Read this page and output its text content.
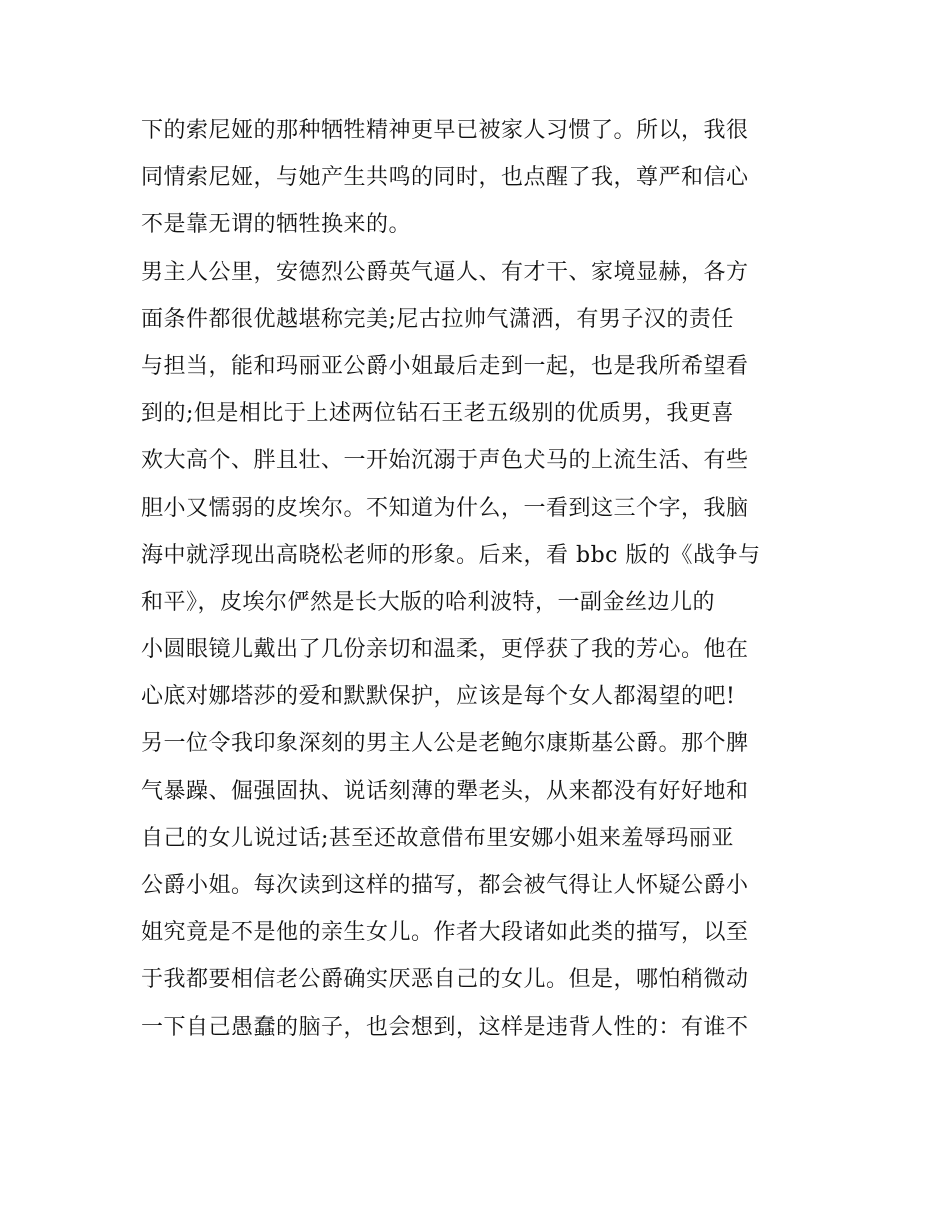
下的索尼娅的那种牺牲精神更早已被家人习惯了。所以，我很
同情索尼娅，与她产生共鸣的同时，也点醒了我，尊严和信心
不是靠无谓的牺牲换来的。
男主人公里，安德烈公爵英气逼人、有才干、家境显赫，各方
面条件都很优越堪称完美;尼古拉帅气潇洒，有男子汉的责任
与担当，能和玛丽亚公爵小姐最后走到一起，也是我所希望看
到的;但是相比于上述两位钻石王老五级别的优质男，我更喜
欢大高个、胖且壮、一开始沉溺于声色犬马的上流生活、有些
胆小又懦弱的皮埃尔。不知道为什么，一看到这三个字，我脑
海中就浮现出高晓松老师的形象。后来，看 bbc 版的《战争与
和平》，皮埃尔俨然是长大版的哈利波特，一副金丝边儿的
小圆眼镜儿戴出了几份亲切和温柔，更俘获了我的芳心。他在
心底对娜塔莎的爱和默默保护，应该是每个女人都渴望的吧!
另一位令我印象深刻的男主人公是老鲍尔康斯基公爵。那个脾
气暴躁、倔强固执、说话刻薄的犟老头，从来都没有好好地和
自己的女儿说过话;甚至还故意借布里安娜小姐来羞辱玛丽亚
公爵小姐。每次读到这样的描写，都会被气得让人怀疑公爵小
姐究竟是不是他的亲生女儿。作者大段诸如此类的描写，以至
于我都要相信老公爵确实厌恶自己的女儿。但是，哪怕稍微动
一下自己愚蠢的脑子，也会想到，这样是违背人性的：有谁不
